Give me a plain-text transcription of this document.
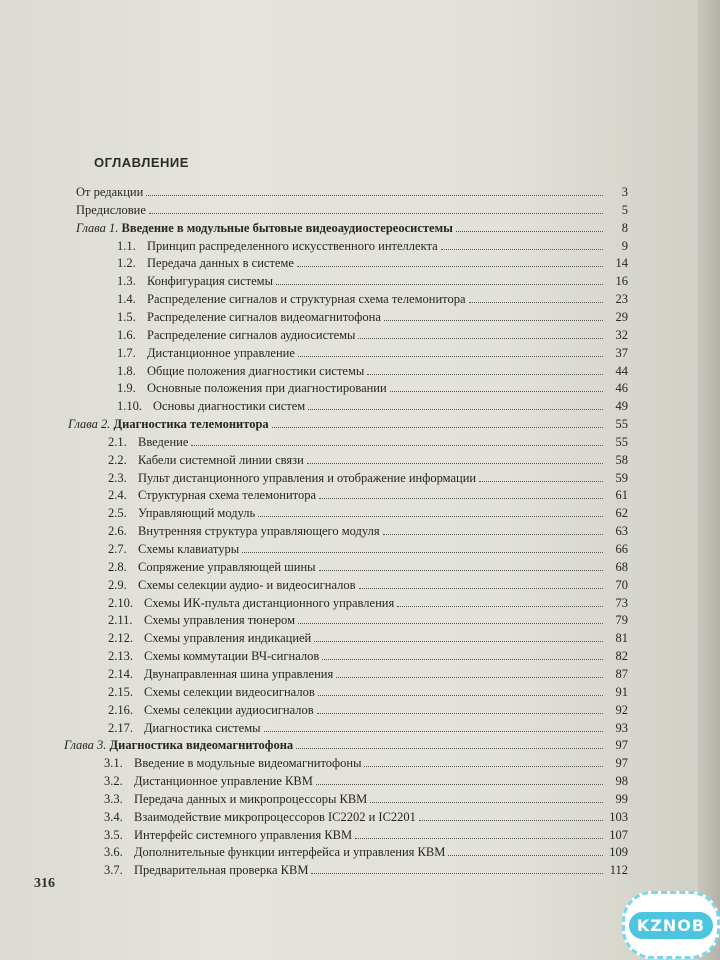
ОГЛАВЛЕНИЕ
От редакции	3
Предисловие	5
Глава 1. Введение в модульные бытовые видеоаудиостереосистемы	8
1.1. Принцип распределенного искусственного интеллекта	9
1.2. Передача данных в системе	14
1.3. Конфигурация системы	16
1.4. Распределение сигналов и структурная схема телемонитора	23
1.5. Распределение сигналов видеомагнитофона	29
1.6. Распределение сигналов аудиосистемы	32
1.7. Дистанционное управление	37
1.8. Общие положения диагностики системы	44
1.9. Основные положения при диагностировании	46
1.10. Основы диагностики систем	49
Глава 2. Диагностика телемонитора	55
2.1. Введение	55
2.2. Кабели системной линии связи	58
2.3. Пульт дистанционного управления и отображение информации	59
2.4. Структурная схема телемонитора	61
2.5. Управляющий модуль	62
2.6. Внутренняя структура управляющего модуля	63
2.7. Схемы клавиатуры	66
2.8. Сопряжение управляющей шины	68
2.9. Схемы селекции аудио- и видеосигналов	70
2.10. Схемы ИК-пульта дистанционного управления	73
2.11. Схемы управления тюнером	79
2.12. Схемы управления индикацией	81
2.13. Схемы коммутации ВЧ-сигналов	82
2.14. Двунаправленная шина управления	87
2.15. Схемы селекции видеосигналов	91
2.16. Схемы селекции аудиосигналов	92
2.17. Диагностика системы	93
Глава 3. Диагностика видеомагнитофона	97
3.1. Введение в модульные видеомагнитофоны	97
3.2. Дистанционное управление КВМ	98
3.3. Передача данных и микропроцессоры КВМ	99
3.4. Взаимодействие микропроцессоров IC2202 и IC2201	103
3.5. Интерфейс системного управления КВМ	107
3.6. Дополнительные функции интерфейса и управления КВМ	109
3.7. Предварительная проверка КВМ	112
316
KZNOB
